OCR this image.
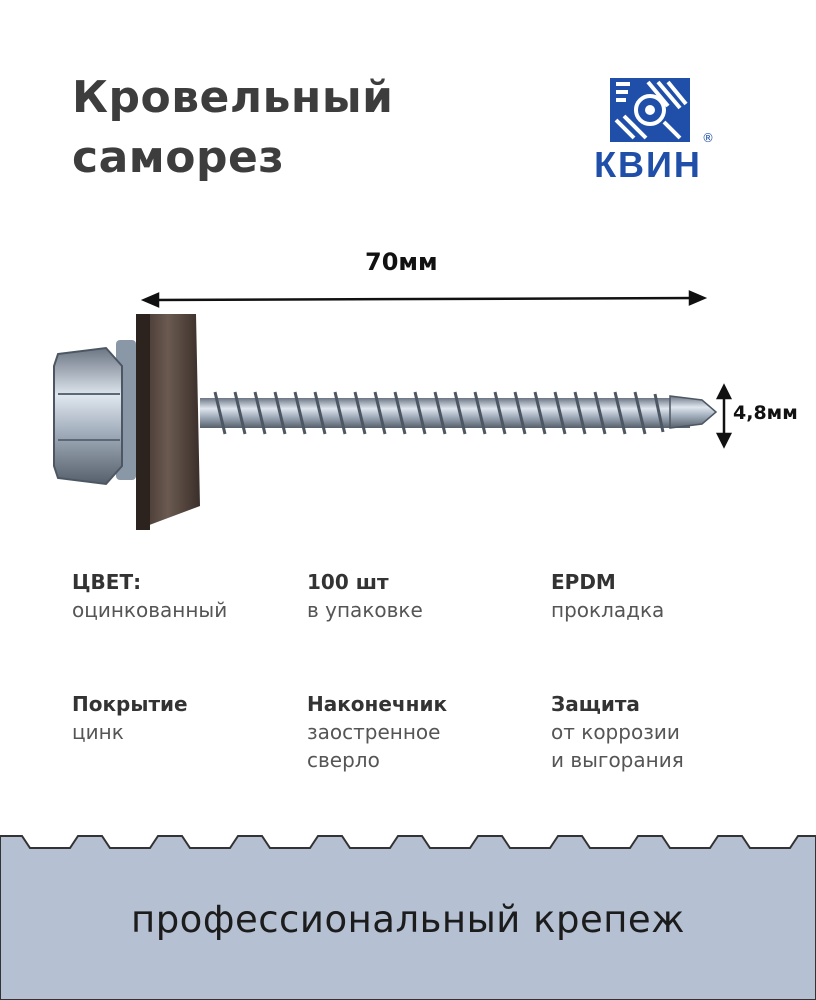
Кровельный
саморез	®
КВИН
70мм
4,8мм
ЦВЕТ:
оцинкованный
100 шт
в упаковке
EPDM
прокладка
Покрытие
цинк
Наконечник
заостренное
сверло
Защита
от коррозии
и выгорания
профессиональный крепеж
